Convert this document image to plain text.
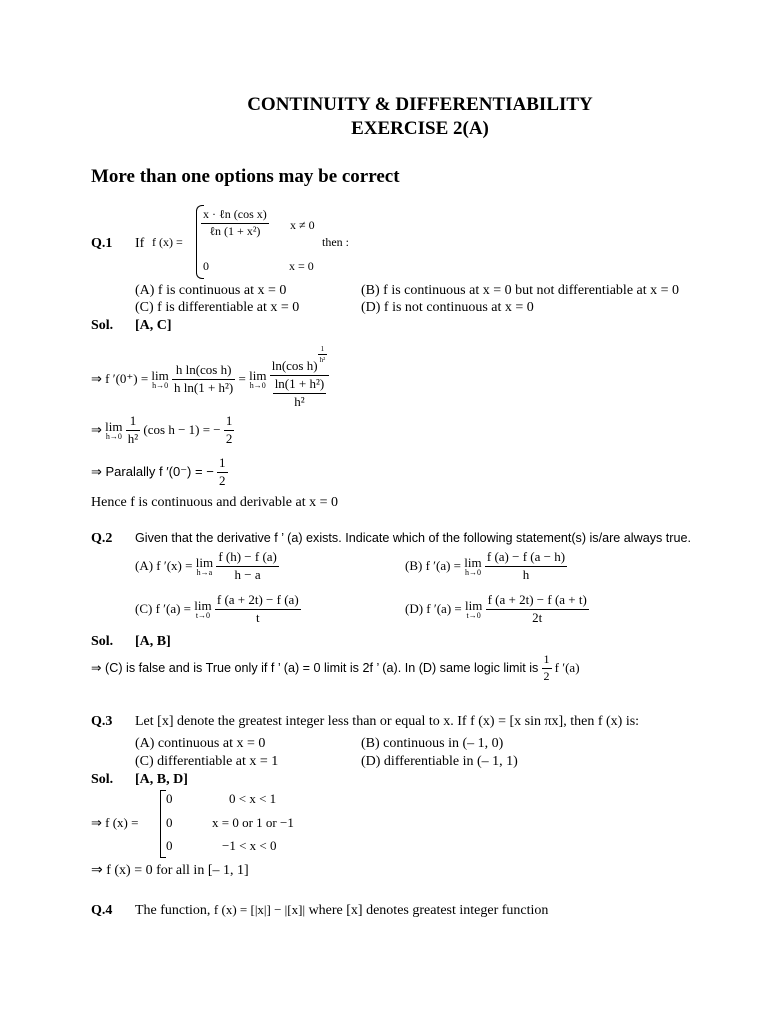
CONTINUITY & DIFFERENTIABILITY
EXERCISE 2(A)
More than one options may be correct
Q.1 If f (x) =
$\frac{\text{x · ℓn (cos x)}}{\text{ℓn (1 + x²)}}$ x ≠ 0
then :
0	x = 0
(A) f is continuous at x = 0	(B) f is continuous at x = 0 but not differentiable at x = 0
(C) f is differentiable at x = 0	(D) f is not continuous at x = 0
Sol. [A, C]
⇒ f ′(0⁺) = lim
h→0
$\frac{\text{h ln(cos h)}}{\text{h ln(1 + h²)}} = \lim$
h→0
ln(cos h)
$\frac{1}{\text{h²}}$
$\frac{\text{ln(1 + h²)}}{\text{h²}}$
⇒ lim
h→0
$\frac{1}{\text{h²}} (\cos$ h − 1) = − $\frac{1}{2}$
⇒ Paralally f ′(0⁻) = − $\frac{1}{2}$
Hence f is continuous and derivable at x = 0
Q.2 Given that the derivative f ’ (a) exists. Indicate which of the following statement(s) is/are always true.
(A) f ′(x) = lim
h→a
$\frac{f (h) - f (a)}{h - a}$	(B) f ′(a) = lim
h→0
$\frac{f (a) - f (a - h)}{h}$
(C) f ′(a) = lim
t→0
$\frac{f (a + 2t) - f (a)}{t}$	(D) f ′(a) = lim
t→0
$\frac{f (a + 2t) - f (a + t)}{2t}$
Sol. [A, B]
⇒ (C) is false and is True only if f ’ (a) = 0 limit is 2f ’ (a). In (D) same logic limit is $\frac{1}{2}$ f ′(a)
Q.3 Let [x] denote the greatest integer less than or equal to x. If f (x) = [x sin πx], then f (x) is:
(A) continuous at x = 0	(B) continuous in (– 1, 0)
(C) differentiable at x = 1	(D) differentiable in (– 1, 1)
Sol. [A, B, D]
⇒ f (x) =
0	0 < x < 1
0	x = 0 or 1 or −1
0	−1 < x < 0
⇒ f (x) = 0 for all in [– 1, 1]
Q.4 The function, f (x) = [|x|] − |[x]| where [x] denotes greatest integer function
